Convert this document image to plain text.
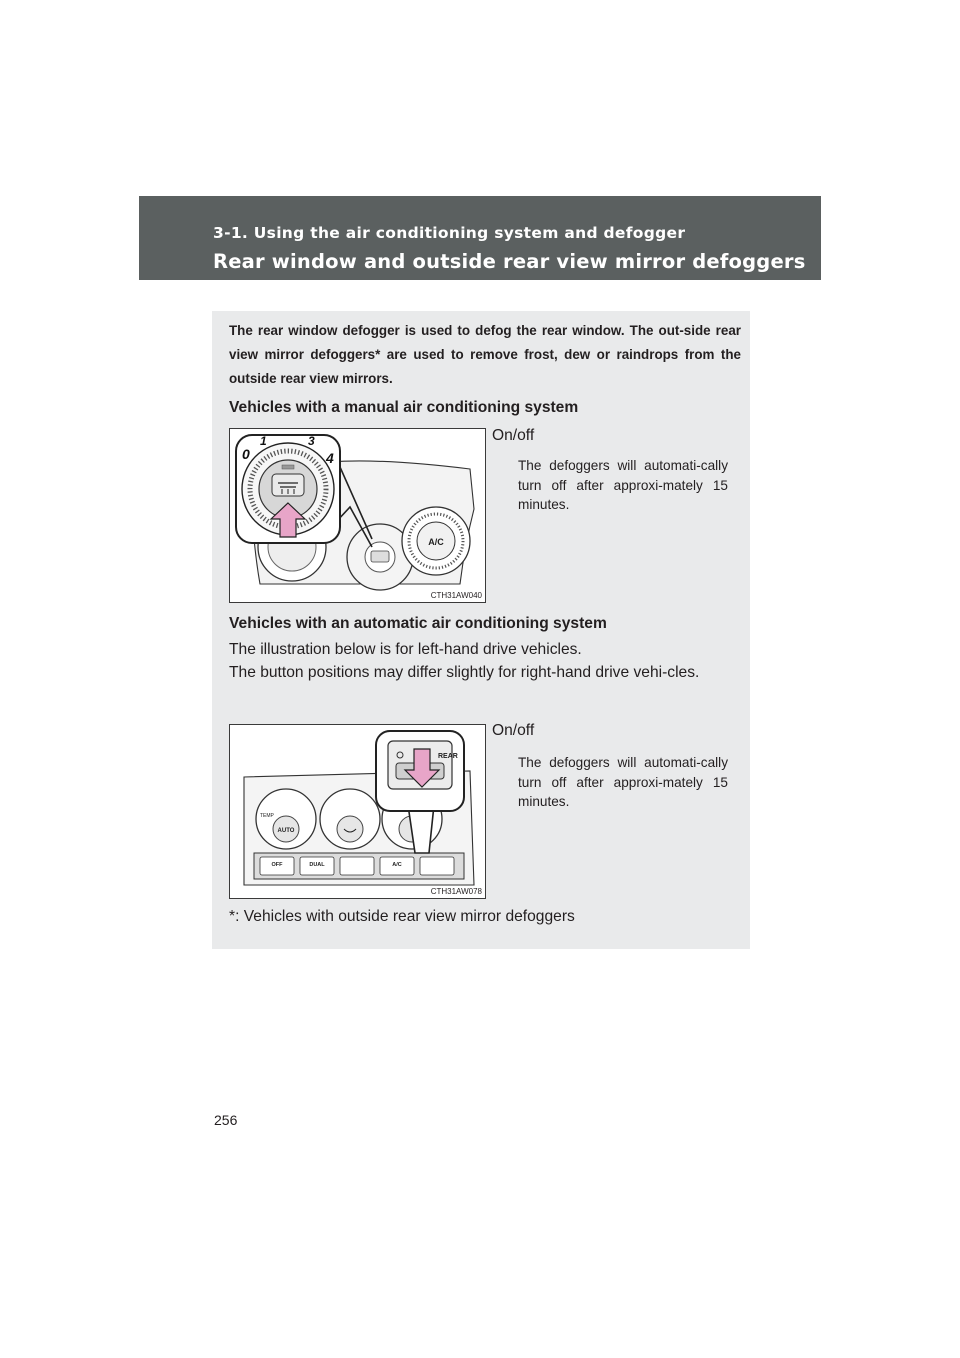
3-1. Using the air conditioning system and defogger
Rear window and outside rear view mirror defoggers
The rear window defogger is used to defog the rear window. The out-side rear view mirror defoggers* are used to remove frost, dew or raindrops from the outside rear view mirrors.
Vehicles with a manual air conditioning system
A/C
0
1	3
4
CTH31AW040
On/off
The defoggers will automati-cally turn off after approxi-mately 15 minutes.
Vehicles with an automatic air conditioning system
The illustration below is for left-hand drive vehicles.
The button positions may differ slightly for right-hand drive vehi-cles.
AUTO
TEMP
OFF	DUAL	A/C
REAR
CTH31AW078
On/off
The defoggers will automati-cally turn off after approxi-mately 15 minutes.
*: Vehicles with outside rear view mirror defoggers
256
